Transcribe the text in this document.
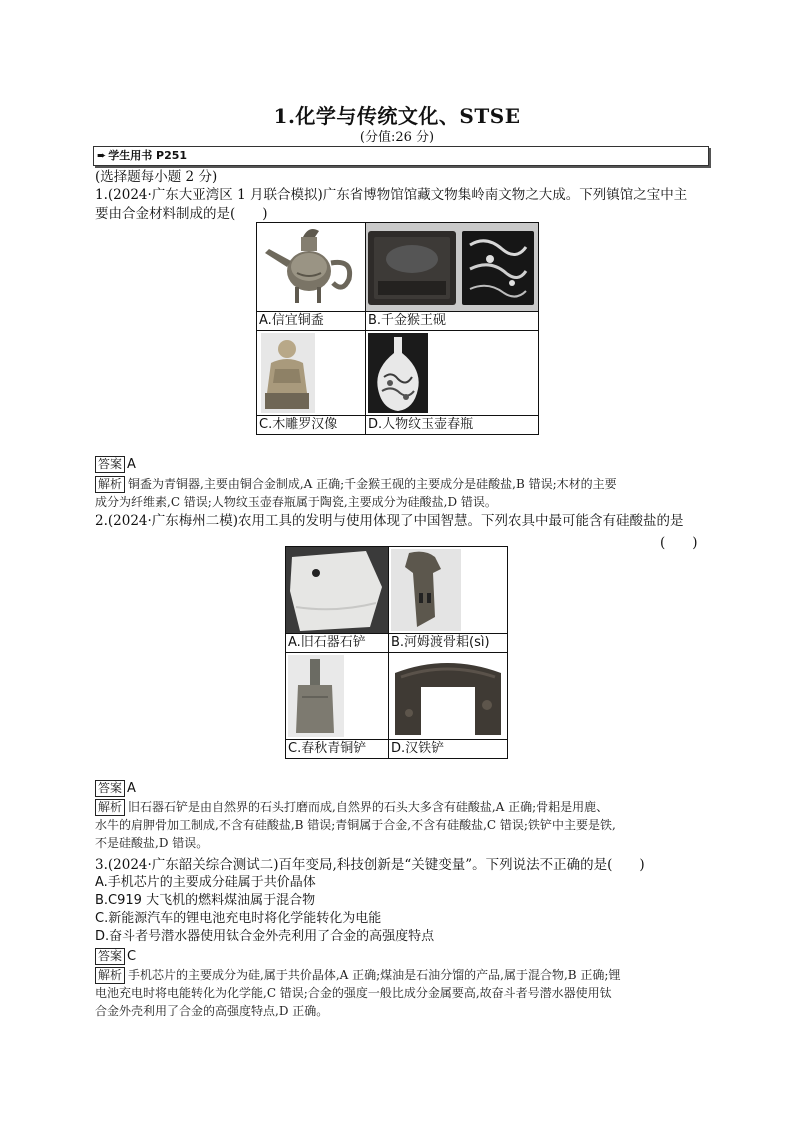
1.化学与传统文化、STSE
(分值:26 分)
➨ 学生用书 P251
(选择题每小题 2 分)
1.(2024·广东大亚湾区 1 月联合模拟)广东省博物馆馆藏文物集岭南文物之大成。下列镇馆之宝中主
要由合金材料制成的是(　　)
A.信宜铜盉	B.千金猴王砚

C.木雕罗汉像	D.人物纹玉壶春瓶
答案 A
解析 铜盉为青铜器,主要由铜合金制成,A 正确;千金猴王砚的主要成分是硅酸盐,B 错误;木材的主要
成分为纤维素,C 错误;人物纹玉壶春瓶属于陶瓷,主要成分为硅酸盐,D 错误。
2.(2024·广东梅州二模)农用工具的发明与使用体现了中国智慧。下列农具中最可能含有硅酸盐的是
(　　)
A.旧石器石铲	B.河姆渡骨耜(sì)

C.春秋青铜铲	D.汉铁铲
答案 A
解析 旧石器石铲是由自然界的石头打磨而成,自然界的石头大多含有硅酸盐,A 正确;骨耜是用鹿、
水牛的肩胛骨加工制成,不含有硅酸盐,B 错误;青铜属于合金,不含有硅酸盐,C 错误;铁铲中主要是铁,
不是硅酸盐,D 错误。
3.(2024·广东韶关综合测试二)百年变局,科技创新是“关键变量”。下列说法不正确的是(　　)
A.手机芯片的主要成分硅属于共价晶体
B.C919 大飞机的燃料煤油属于混合物
C.新能源汽车的锂电池充电时将化学能转化为电能
D.奋斗者号潜水器使用钛合金外壳利用了合金的高强度特点
答案 C
解析 手机芯片的主要成分为硅,属于共价晶体,A 正确;煤油是石油分馏的产品,属于混合物,B 正确;锂
电池充电时将电能转化为化学能,C 错误;合金的强度一般比成分金属要高,故奋斗者号潜水器使用钛
合金外壳利用了合金的高强度特点,D 正确。
